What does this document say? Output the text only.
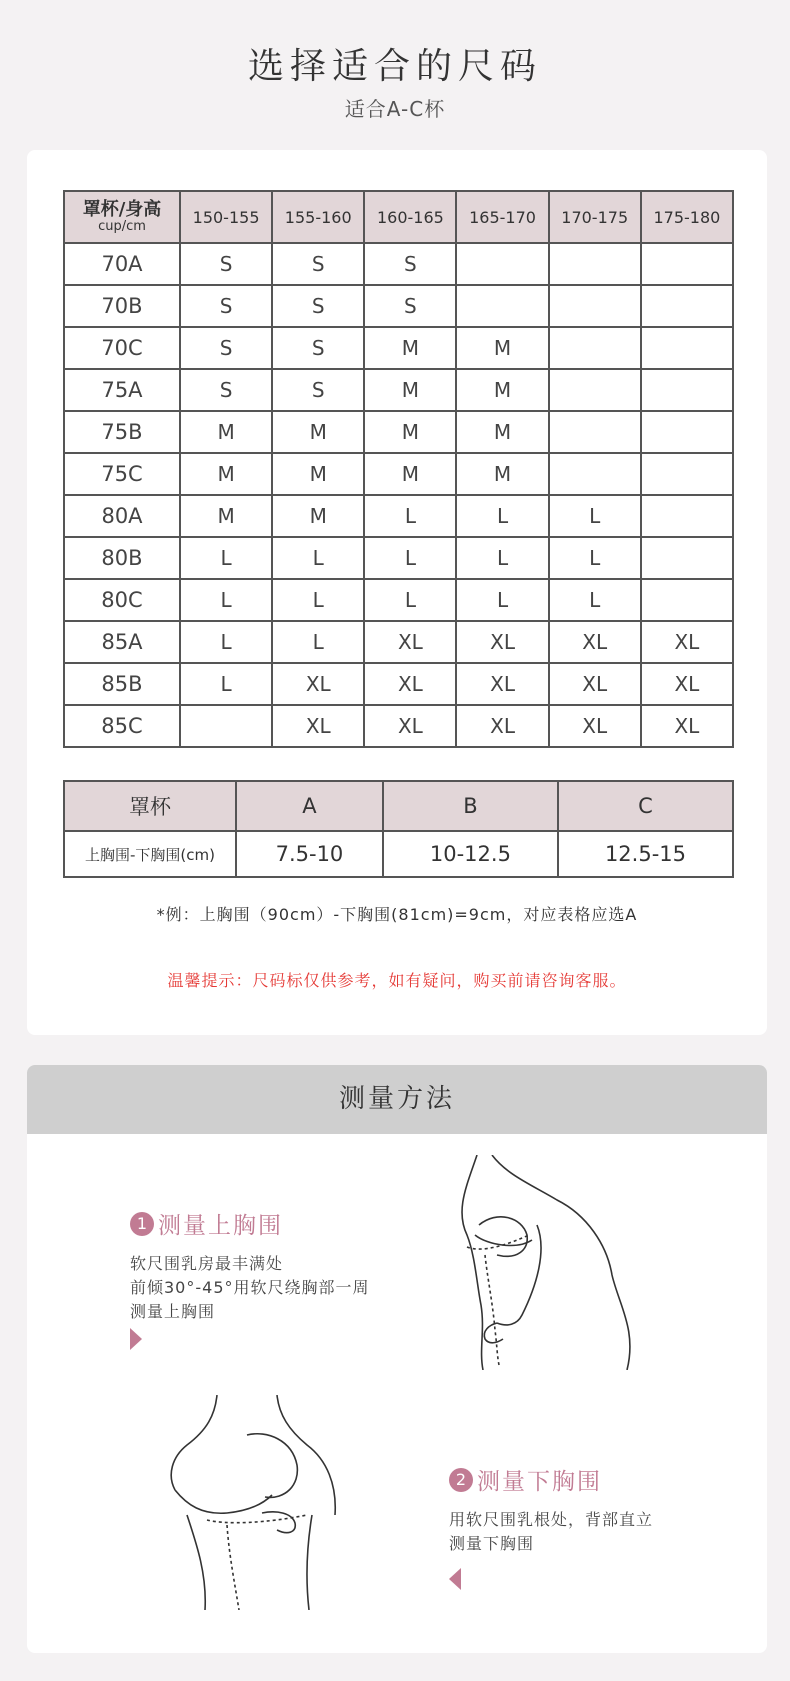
选择适合的尺码
适合A-C杯
罩杯/身高
cup/cm	150-155	155-160	160-165	165-170	170-175	175-180
70A	S	S	S			
70B	S	S	S			
70C	S	S	M	M		
75A	S	S	M	M		
75B	M	M	M	M		
75C	M	M	M	M		
80A	M	M	L	L	L	
80B	L	L	L	L	L	
80C	L	L	L	L	L	
85A	L	L	XL	XL	XL	XL
85B	L	XL	XL	XL	XL	XL
85C		XL	XL	XL	XL	XL
罩杯	A	B	C
上胸围-下胸围(cm)	7.5-10	10-12.5	12.5-15
*例：上胸围（90cm）-下胸围(81cm)=9cm，对应表格应选A
温馨提示：尺码标仅供参考，如有疑问，购买前请咨询客服。
测量方法
1 测量上胸围
软尺围乳房最丰满处
前倾30°-45°用软尺绕胸部一周
测量上胸围
2 测量下胸围
用软尺围乳根处，背部直立
测量下胸围
